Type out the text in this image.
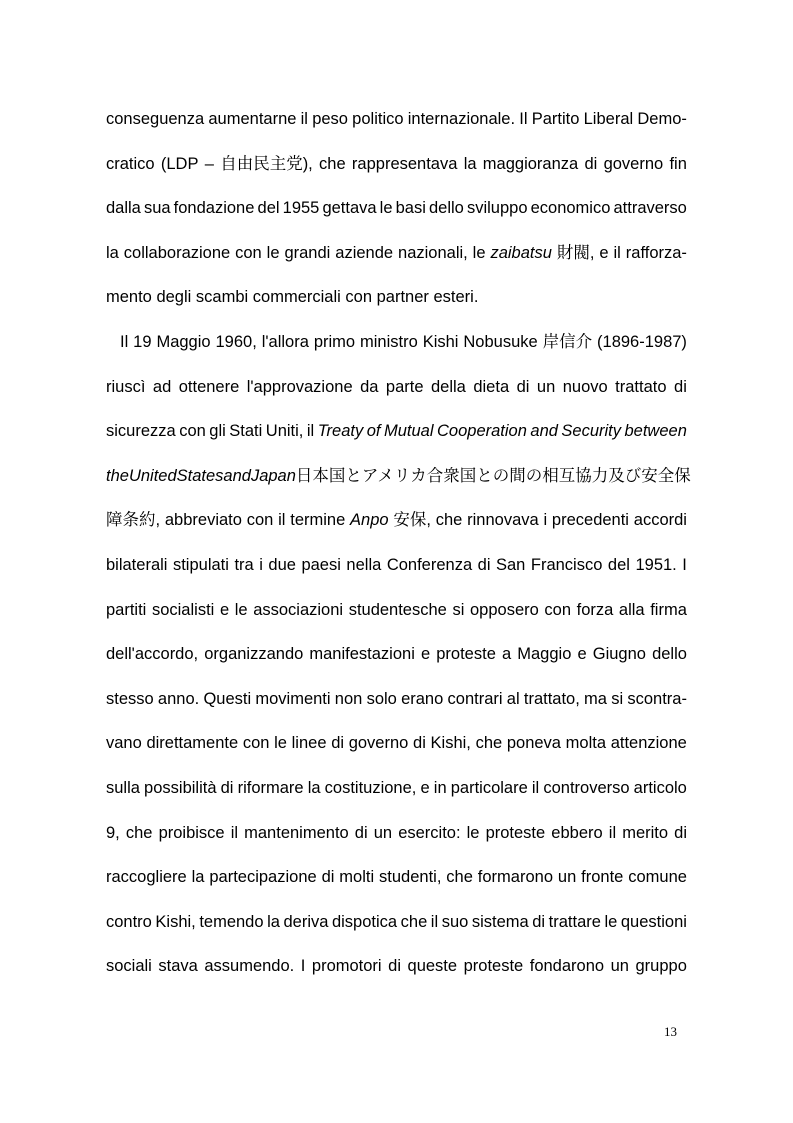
conseguenza aumentarne il peso politico internazionale. Il Partito Liberal Demo-
cratico (LDP – 自由民主党), che rappresentava la maggioranza di governo fin
dalla sua fondazione del 1955 gettava le basi dello sviluppo economico attraverso
la collaborazione con le grandi aziende nazionali, le zaibatsu 財閥, e il rafforza-
mento degli scambi commerciali con partner esteri.
Il 19 Maggio 1960, l'allora primo ministro Kishi Nobusuke 岸信介 (1896-1987)
riuscì ad ottenere l'approvazione da parte della dieta di un nuovo trattato di
sicurezza con gli Stati Uniti, il Treaty of Mutual Cooperation and Security between
the United States and Japan 日本国とアメリカ合衆国との間の相互協力及び安全保
障条約, abbreviato con il termine Anpo 安保, che rinnovava i precedenti accordi
bilaterali stipulati tra i due paesi nella Conferenza di San Francisco del 1951. I
partiti socialisti e le associazioni studentesche si opposero con forza alla firma
dell'accordo, organizzando manifestazioni e proteste a Maggio e Giugno dello
stesso anno. Questi movimenti non solo erano contrari al trattato, ma si scontra-
vano direttamente con le linee di governo di Kishi, che poneva molta attenzione
sulla possibilità di riformare la costituzione, e in particolare il controverso articolo
9, che proibisce il mantenimento di un esercito: le proteste ebbero il merito di
raccogliere la partecipazione di molti studenti, che formarono un fronte comune
contro Kishi, temendo la deriva dispotica che il suo sistema di trattare le questioni
sociali stava assumendo. I promotori di queste proteste fondarono un gruppo
13
